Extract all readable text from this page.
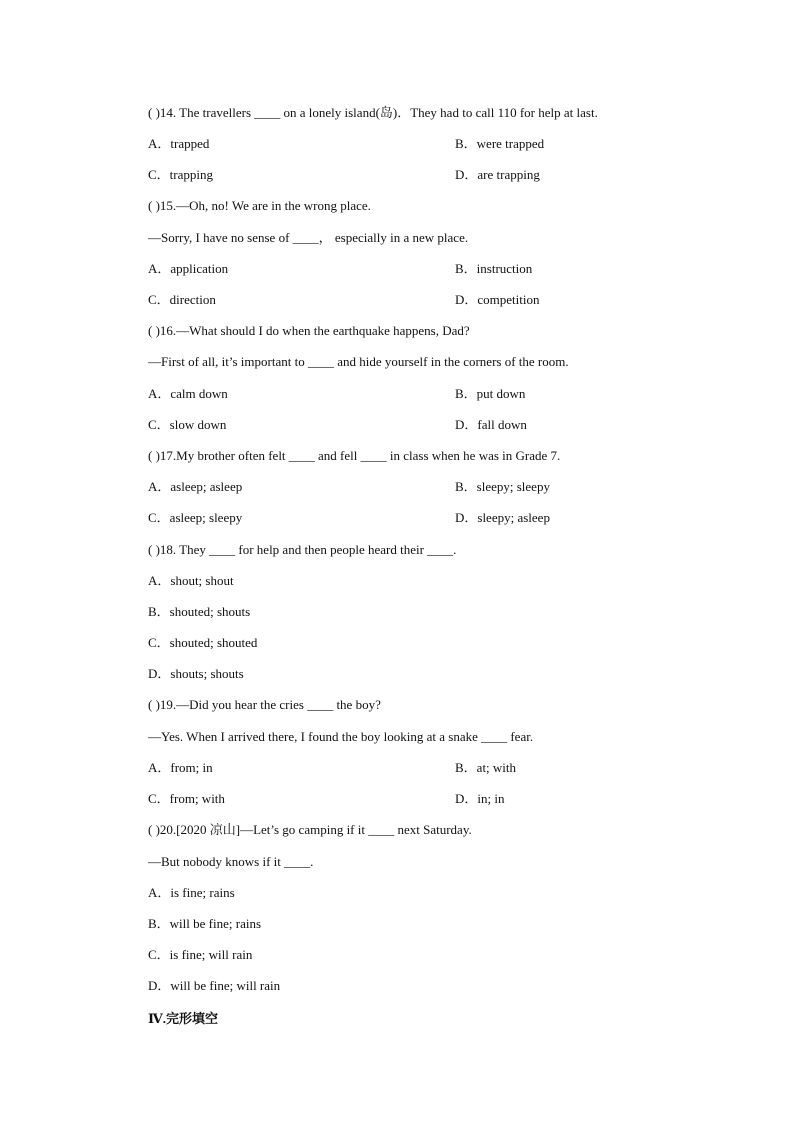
( )14. The travellers ____ on a lonely island(岛)．They had to call 110 for help at last.
A．trapped	B．were trapped
C．trapping	D．are trapping
( )15.—Oh, no! We are in the wrong place.
—Sorry, I have no sense of ____， especially in a new place.
A．application	B．instruction
C．direction	D．competition
( )16.—What should I do when the earthquake happens, Dad?
—First of all, it’s important to ____ and hide yourself in the corners of the room.
A．calm down	B．put down
C．slow down	D．fall down
( )17.My brother often felt ____ and fell ____ in class when he was in Grade 7.
A．asleep; asleep	B．sleepy; sleepy
C．asleep; sleepy	D．sleepy; asleep
( )18. They ____ for help and then people heard their ____.
A．shout; shout
B．shouted; shouts
C．shouted; shouted
D．shouts; shouts
( )19.—Did you hear the cries ____ the boy?
—Yes. When I arrived there, I found the boy looking at a snake ____ fear.
A．from; in	B．at; with
C．from; with	D．in; in
( )20.[2020 凉山]—Let’s go camping if it ____ next Saturday.
—But nobody knows if it ____.
A．is fine; rains
B．will be fine; rains
C．is fine; will rain
D．will be fine; will rain
Ⅳ.完形填空
